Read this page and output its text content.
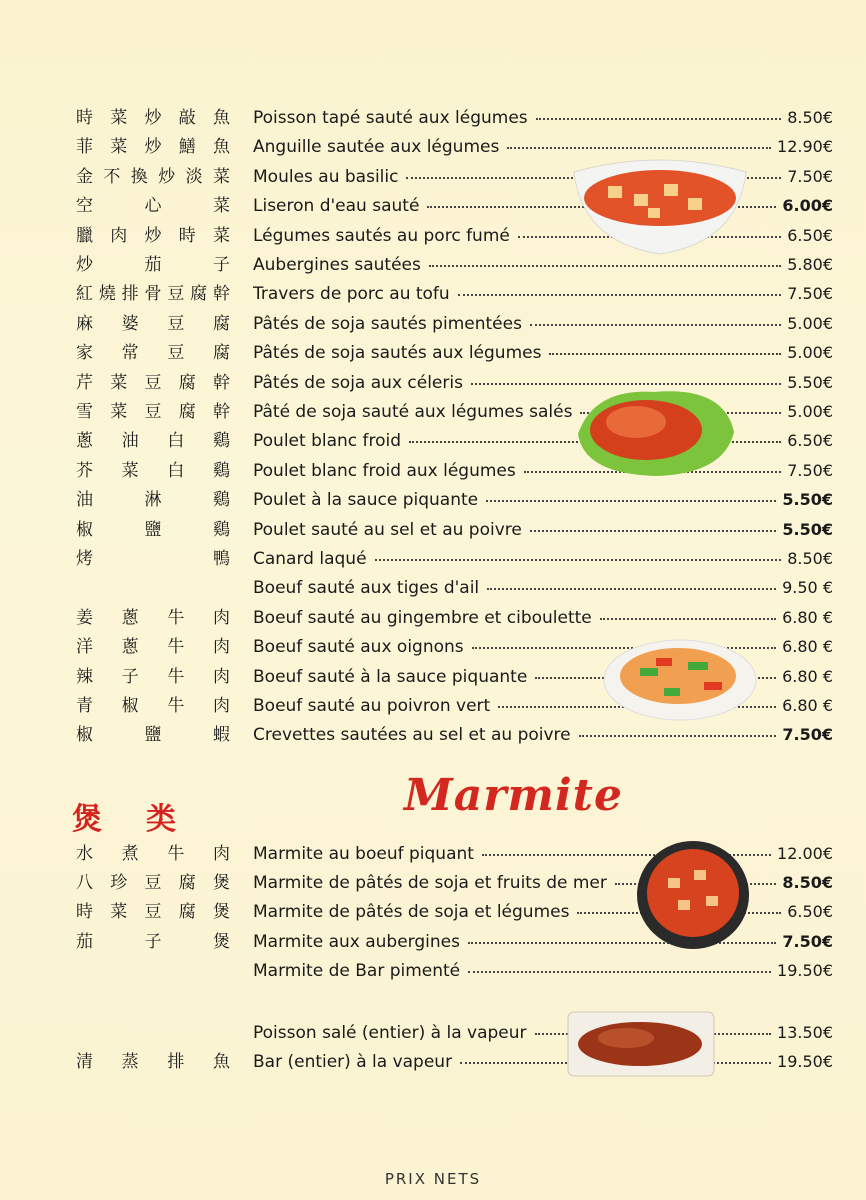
時 菜 炒 敲 魚 Poisson tapé sauté aux légumes	8.50€
菲 菜 炒 鱔 魚 Anguille sautée aux légumes	12.90€
金 不 換 炒 淡 菜 Moules au basilic	7.50€
空	心	菜 Liseron d'eau sauté	6.00€
臘 肉 炒 時 菜 Légumes sautés au porc fumé	6.50€
炒	茄	子 Aubergines sautées	5.80€
紅 燒 排 骨 豆 腐 幹 Travers de porc au tofu	7.50€
麻 婆 豆 腐 Pâtés de soja sautés pimentées	5.00€
家 常 豆 腐 Pâtés de soja sautés aux légumes	5.00€
芹 菜 豆 腐 幹 Pâtés de soja aux céleris	5.50€
雪 菜 豆 腐 幹 Pâté de soja sauté aux légumes salés	5.00€
蔥 油 白 鷄 Poulet blanc froid	6.50€
芥 菜 白 鷄 Poulet blanc froid aux légumes	7.50€
油	淋	鷄 Poulet à la sauce piquante	5.50€
椒	鹽	鷄 Poulet sauté au sel et au poivre	5.50€
烤	鴨 Canard laqué	8.50€
Boeuf sauté aux tiges d'ail	9.50 €
姜 蔥 牛 肉 Boeuf sauté au gingembre et ciboulette	6.80 €
洋 蔥 牛 肉 Boeuf sauté aux oignons	6.80 €
辣 子 牛 肉 Boeuf sauté à la sauce piquante	6.80 €
青 椒 牛 肉 Boeuf sauté au poivron vert	6.80 €
椒	鹽	蝦 Crevettes sautées au sel et au poivre	7.50€
水 煮 牛 肉 Marmite au boeuf piquant	12.00€
八 珍 豆 腐 煲 Marmite de pâtés de soja et fruits de mer	8.50€
時 菜 豆 腐 煲 Marmite de pâtés de soja et légumes	6.50€
茄	子	煲 Marmite aux aubergines	7.50€
Marmite de Bar pimenté	19.50€
Poisson salé (entier) à la vapeur	13.50€
清 蒸 排 魚 Bar (entier) à la vapeur	19.50€
煲类	Marmite
PRIX NETS
